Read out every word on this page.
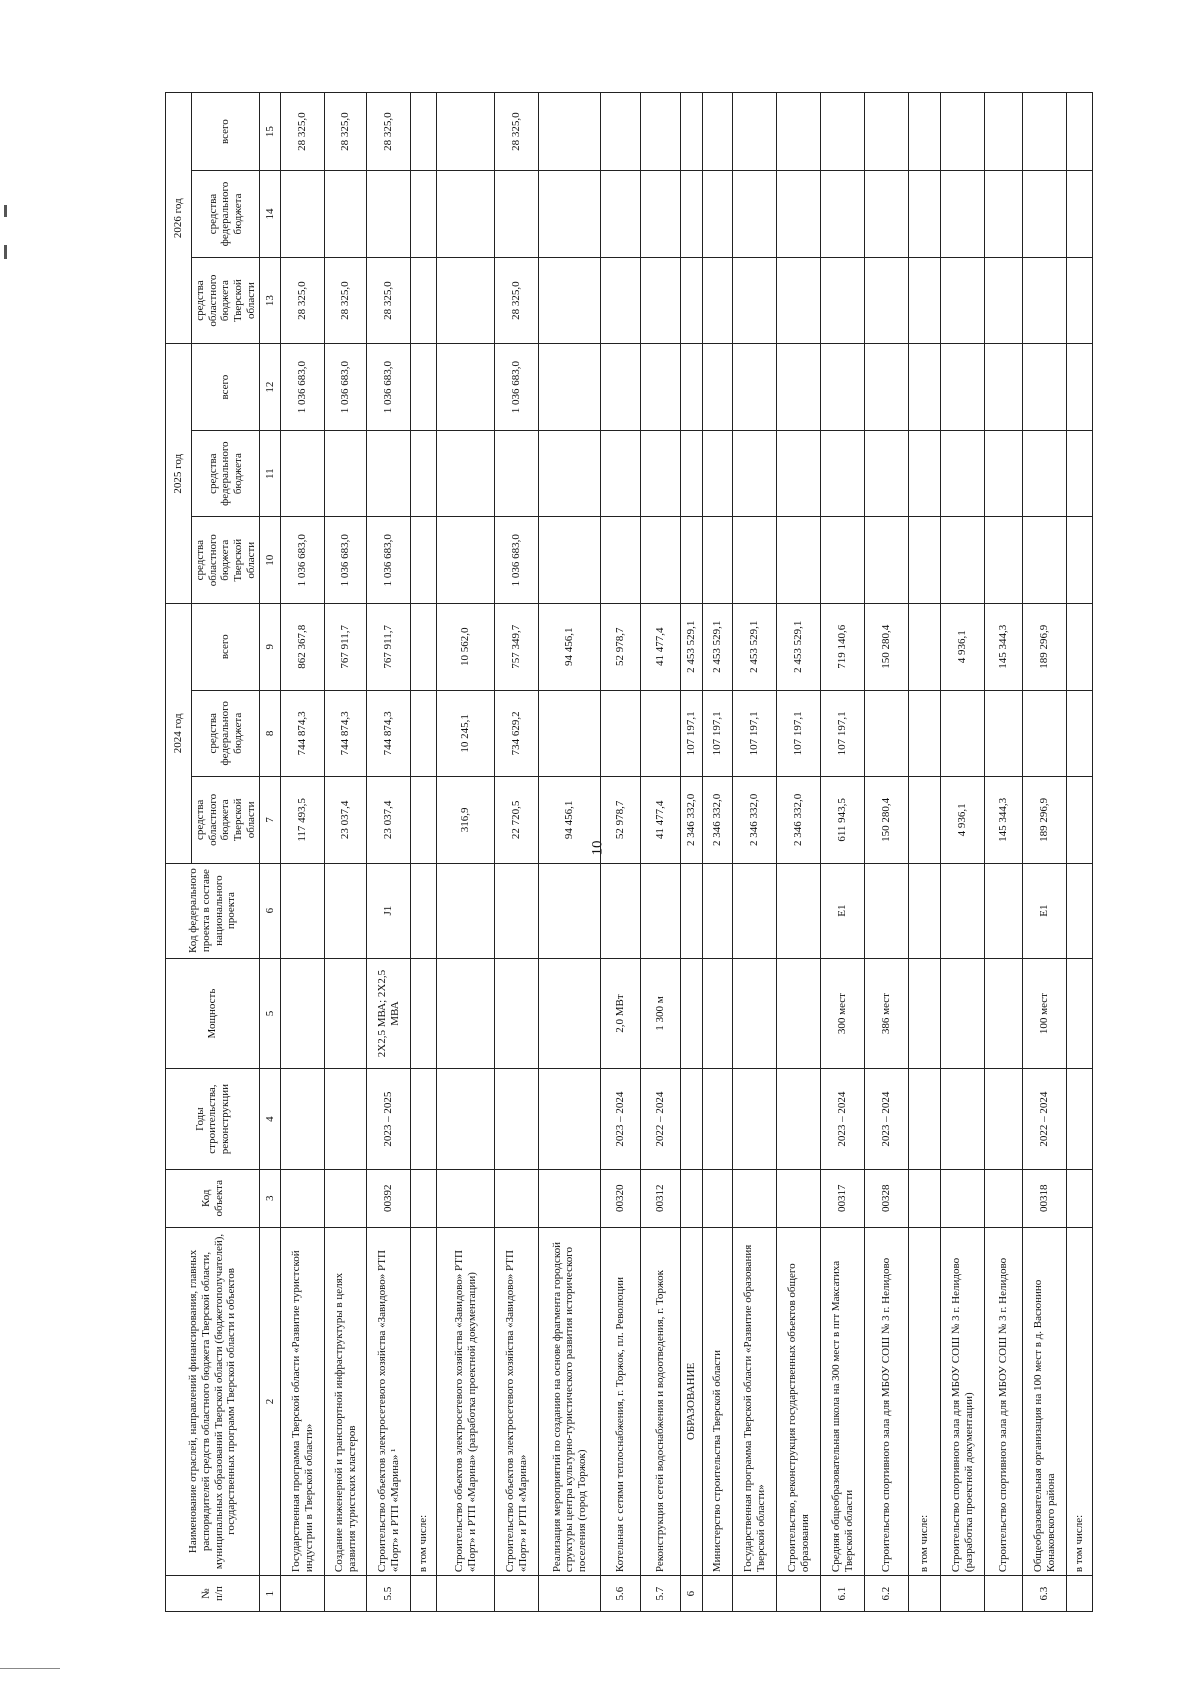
10
№
п/п	Наименование отраслей, направлений финансирования, главных распорядителей средств областного бюджета Тверской области, муниципальных образований Тверской области (бюджетополучателей), государственных программ Тверской области и объектов	Код объекта	Годы строительства, реконструкции	Мощность	Код федерального проекта в составе национального проекта	2024 год			2025 год			2026 год		
						средства областного бюджета Тверской области	средства федерального бюджета	всего	средства областного бюджета Тверской области	средства федерального бюджета	всего	средства областного бюджета Тверской области	средства федерального бюджета	всего
1	2	3	4	5	6	7	8	9	10	11	12	13	14	15
	Государственная программа Тверской области «Развитие туристской индустрии в Тверской области»					117 493,5	744 874,3	862 367,8	1 036 683,0		1 036 683,0	28 325,0		28 325,0
	Создание инженерной и транспортной инфраструктуры в целях развития туристских кластеров					23 037,4	744 874,3	767 911,7	1 036 683,0		1 036 683,0	28 325,0		28 325,0
5.5	Строительство объектов электросетевого хозяйства «Завидово» РТП «Порт» и РТП «Марина» ¹	00392	2023 – 2025	2Х2,5 МВА; 2Х2,5 МВА	J1	23 037,4	744 874,3	767 911,7	1 036 683,0		1 036 683,0	28 325,0		28 325,0
	в том числе:													
	Строительство объектов электросетевого хозяйства «Завидово» РТП «Порт» и РТП «Марина» (разработка проектной документации)					316,9	10 245,1	10 562,0						
	Строительство объектов электросетевого хозяйства «Завидово» РТП «Порт» и РТП «Марина»					22 720,5	734 629,2	757 349,7	1 036 683,0		1 036 683,0	28 325,0		28 325,0
	Реализация мероприятий по созданию на основе фрагмента городской структуры центра культурно-туристического развития исторического поселения (город Торжок)					94 456,1		94 456,1						
5.6	Котельная с сетями теплоснабжения, г. Торжок, пл. Революции	00320	2023 – 2024	2,0 МВт		52 978,7		52 978,7						
5.7	Реконструкция сетей водоснабжения и водоотведения, г. Торжок	00312	2022 – 2024	1 300 м		41 477,4		41 477,4						
6	ОБРАЗОВАНИЕ					2 346 332,0	107 197,1	2 453 529,1						
	Министерство строительства Тверской области					2 346 332,0	107 197,1	2 453 529,1						
	Государственная программа Тверской области «Развитие образования Тверской области»					2 346 332,0	107 197,1	2 453 529,1						
	Строительство, реконструкция государственных объектов общего образования					2 346 332,0	107 197,1	2 453 529,1						
6.1	Средняя общеобразовательная школа на 300 мест в пгт Максатиха Тверской области	00317	2023 – 2024	300 мест	E1	611 943,5	107 197,1	719 140,6						
6.2	Строительство спортивного зала для МБОУ СОШ № 3 г. Нелидово	00328	2023 – 2024	386 мест		150 280,4		150 280,4						
	в том числе:													
	Строительство спортивного зала для МБОУ СОШ № 3 г. Нелидово (разработка проектной документации)					4 936,1		4 936,1						
	Строительство спортивного зала для МБОУ СОШ № 3 г. Нелидово					145 344,3		145 344,3						
6.3	Общеобразовательная организация на 100 мест в д. Васюнино Конаковского района	00318	2022 – 2024	100 мест	E1	189 296,9		189 296,9						
	в том числе:													
